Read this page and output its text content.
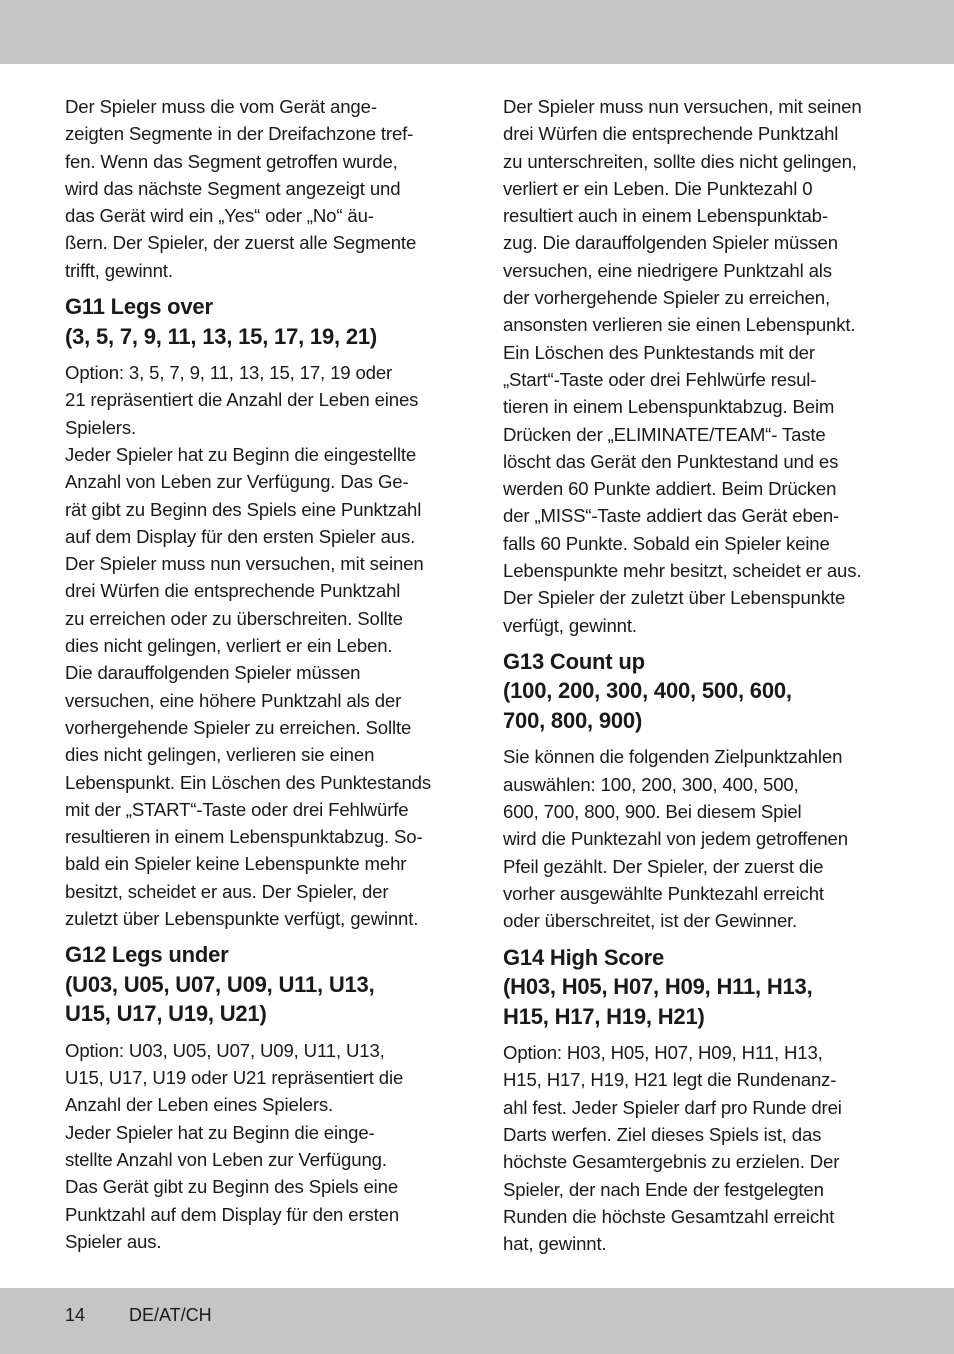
Der Spieler muss die vom Gerät ange-
zeigten Segmente in der Dreifachzone tref-
fen. Wenn das Segment getroffen wurde,
wird das nächste Segment angezeigt und
das Gerät wird ein „Yes“ oder „No“ äu-
ßern. Der Spieler, der zuerst alle Segmente
trifft, gewinnt.
G11 Legs over
(3, 5, 7, 9, 11, 13, 15, 17, 19, 21)
Option: 3, 5, 7, 9, 11, 13, 15, 17, 19 oder
21 repräsentiert die Anzahl der Leben eines
Spielers.
Jeder Spieler hat zu Beginn die eingestellte
Anzahl von Leben zur Verfügung. Das Ge-
rät gibt zu Beginn des Spiels eine Punktzahl
auf dem Display für den ersten Spieler aus.
Der Spieler muss nun versuchen, mit seinen
drei Würfen die entsprechende Punktzahl
zu erreichen oder zu überschreiten. Sollte
dies nicht gelingen, verliert er ein Leben.
Die darauffolgenden Spieler müssen
versuchen, eine höhere Punktzahl als der
vorhergehende Spieler zu erreichen. Sollte
dies nicht gelingen, verlieren sie einen
Lebenspunkt. Ein Löschen des Punktestands
mit der „START“-Taste oder drei Fehlwürfe
resultieren in einem Lebenspunktabzug. So-
bald ein Spieler keine Lebenspunkte mehr
besitzt, scheidet er aus. Der Spieler, der
zuletzt über Lebenspunkte verfügt, gewinnt.
G12 Legs under
(U03, U05, U07, U09, U11, U13,
U15, U17, U19, U21)
Option: U03, U05, U07, U09, U11, U13,
U15, U17, U19 oder U21 repräsentiert die
Anzahl der Leben eines Spielers.
Jeder Spieler hat zu Beginn die einge-
stellte Anzahl von Leben zur Verfügung.
Das Gerät gibt zu Beginn des Spiels eine
Punktzahl auf dem Display für den ersten
Spieler aus.
Der Spieler muss nun versuchen, mit seinen
drei Würfen die entsprechende Punktzahl
zu unterschreiten, sollte dies nicht gelingen,
verliert er ein Leben. Die Punktezahl 0
resultiert auch in einem Lebenspunktab-
zug. Die darauffolgenden Spieler müssen
versuchen, eine niedrigere Punktzahl als
der vorhergehende Spieler zu erreichen,
ansonsten verlieren sie einen Lebenspunkt.
Ein Löschen des Punktestands mit der
„Start“-Taste oder drei Fehlwürfe resul-
tieren in einem Lebenspunktabzug. Beim
Drücken der „ELIMINATE/TEAM“- Taste
löscht das Gerät den Punktestand und es
werden 60 Punkte addiert. Beim Drücken
der „MISS“-Taste addiert das Gerät eben-
falls 60 Punkte. Sobald ein Spieler keine
Lebenspunkte mehr besitzt, scheidet er aus.
Der Spieler der zuletzt über Lebenspunkte
verfügt, gewinnt.
G13 Count up
(100, 200, 300, 400, 500, 600,
700, 800, 900)
Sie können die folgenden Zielpunktzahlen
auswählen: 100, 200, 300, 400, 500,
600, 700, 800, 900. Bei diesem Spiel
wird die Punktezahl von jedem getroffenen
Pfeil gezählt. Der Spieler, der zuerst die
vorher ausgewählte Punktezahl erreicht
oder überschreitet, ist der Gewinner.
G14 High Score
(H03, H05, H07, H09, H11, H13,
H15, H17, H19, H21)
Option: H03, H05, H07, H09, H11, H13,
H15, H17, H19, H21 legt die Rundenanz-
ahl fest. Jeder Spieler darf pro Runde drei
Darts werfen. Ziel dieses Spiels ist, das
höchste Gesamtergebnis zu erzielen. Der
Spieler, der nach Ende der festgelegten
Runden die höchste Gesamtzahl erreicht
hat, gewinnt.
14 DE/AT/CH
